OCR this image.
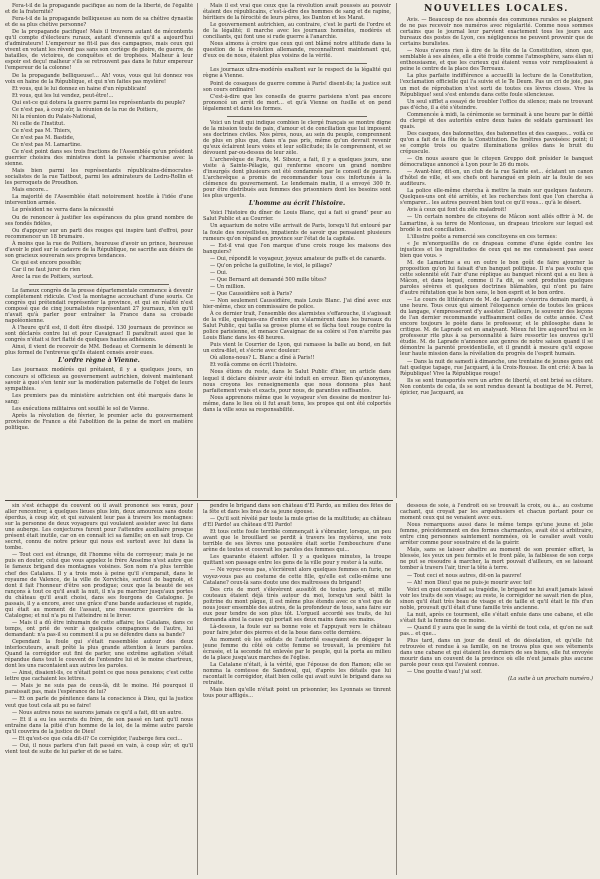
Fera-t-il de la propagande pacifique au nom de la liberté, de l'égalité et de la fraternité?

Fera-t-il de la propagande belliqueuse au nom de sa chétive dynastie et de sa plus chétive personne?

De la propagande pacifique! Mais il trouvera autant de mécontents qu'il compte d'électeurs ruraux, autant d'ennemis qu'il a aujourd'hui d'admirateurs! L'empereur ne fit-il pas des campagnes, mais ceux qui vivent en votant les rêvent pas sans son cortège de gloire, de guerre, de batailles, de victoires, de conquêtes et de trophées. Malheur à leur espoir est deçu! malheur s'ils se retrouvent pas dans le futur empereur l'empereur de la colonne!

De la propagande belliqueuse!... Ah! vous, vous qui lui donnez vos voix en haine de la République, et qui n'en faites pas mystère!

Et vous, qui le lui donnez en haine d'un républicain!

Et vous, qui les lui vendez, peut-être!...

Qui est-ce qui dotera la guerre parmi les représentants du peuple?

Ce n'est pas, à coup sûr, la réunion de la rue de Poitiers,

Ni la réunion du Palais-National,

Ni celle de l'Institut.

Ce n'est pas M. Thiers,

Ce n'est pas M. Bastide,

Ce n'est pas M. Lamartine.

Ce n'est point dans ses trois fractions de l'Assemblée qu'un président guerrier choisira des ministres dont la pensée s'harmonise avec la sienne.

Mais bien parmi les représentants républicains-démocrates-socialistes de la rue Taitbout, parmi les admirateurs de Ledru-Rollin et les perroquets de Proudhon.

Mais encore...

La majorité de l'Assemblée était notoirement hostile à l'idée d'une intervention armée.

Le président ne verra dans la nécessité

Ou de renoncer à justifier les espérances du plus grand nombre de ses fondés fidèles,

Ou d'appuyer sur un parti des rouges qui inspire tant d'effroi, pour recommencer un 18 brumaire.

À moins que la rue de Poitiers, heureuse d'avoir un prince, heureuse d'avoir le pied sur le cadavre de la République, ne sacrifie aux désirs de son gracieux souverain ses propres tendances.

Ce qui est encore possible;

Car il ne faut jurer de rien

Avec la rue de Poitiers, surtout.

Le fameux congrès de la presse départementale commence à devenir complètement ridicule. C'est la montagne accouchant d'une souris. Ce congrès qui prétendait représenter la province, et qui en réalité n'est composé que de cinq journalistes représentant 27 journaux, n'en qu'il n'avait qu'à parler pour entraîner la France dans sa croisade napoléonienne.

À l'heure qu'il est, il doit être dissipé. 130 journaux de province se sont déclarés contre lui et pour Cavaignac! Il paraîtrait aussi que le congrès n'était si fort flatté de quelques hautes adhésions.

Ainsi, il vient de recevoir de MM. Bedeau et Cormenin le démenti le plus formel de l'entrevue qu'ils étaient censés avoir eues.

L'ordre règne à Vienne.

Les journaux modérés qui prétaient, il y a quelques jours, un concours si officieux au gouvernement autrichien, doivent maintenant savoir à quoi s'en tenir sur la modération paternelle de l'objet de leurs sympathies.

Les premiers pas du ministère autrichien ont été marqués dans le sang;

Les exécutions militaires ont souillé le sol de Vienne.

Après la révolution de février, le premier acte du gouvernement provisoire de France a été l'abolition de la peine de mort en matière politique.

Mais il est vrai que ceux que la révolution avait poussés au pouvoir étaient des républicains, c'est-à-dire des hommes de sang et de rapine, héritiers de la férocité de leurs pères, les Danton et les Marat.

Le gouvernement autrichien, au contraire, c'est le parti de l'ordre et de la légalité; il marche avec les journaux honnêtes, modérés et conciliants, qui font une si rude guerre à l'anarchie.

Nous aimons à croire que ceux qui ont blâmé notre attitude dans la question de la révolution allemande, reconnaîtront maintenant qui, d'eux ou de nous, étaient plus voisins de la vérité.

Les journaux ultra-modérés exaltent sur le respect de la légalité qui règne à Vienne.

Point de cosaques de guerre comme à Paris! disent-ils; la justice suit son cours ordinaire!

C'est-à-dire que les conseils de guerre parisiens n'ont pas encore prononcé un arrêt de mort... et qu'à Vienne on fusille et on pend légalement et dans les formes.

Voici un trait qui indique combien le clergé français se montre digne de la mission toute de paix, d'amour et de conciliation que lui imposent ses doctrines civiles. Nos pères, nous, au sein du peuple, comprennent de plus en plus que, dans n'a pas pris, même qu'un devrait revenir qu'eux éclairent leurs voies et leur sollicitude; ils le comprennent, et se dévouent par-ou-dessus de leur zèle.

L'archevêque de Paris, M. Sibour, a fait, il y a quelques jours, une visite à Sainte-Pélagie, qui renferme encore un grand nombre d'insurgés dont plusieurs ont été condamnés par le conseil de guerre. L'archevêque a promis de recommander tous ces infortunés à la clémence du gouvernement. Le lendemain matin, il a envoyé 300 fr. pour être distribués aux femmes des prisonniers dont les besoins sont les plus urgents.

L'homme au écrit l'histoire.

Voici l'histoire du dîner de Louis Blanc, qui a fait si grand' peur au Salut Public et au Courrier.

Un aquarium de notre ville arrivait de Paris, lorsqu'il fut entouré par la foule des nouvellistes, impatients de savoir que pensaient plusieurs rumeurs qu'on répand en province sur l'état de la capitale.

— Est-il vrai que l'on marque d'une croix rouge les maisons des banquiers?

— Oui, répondit le voyageur, joyeux amateur de puffs et de canards.

— Qu'on prêche la guillotine, le viol, le pillage?

— Oui.

— Que Bernard ait demandé 500 mille têtes?

— Un million.

— Que Caussidière soit à Paris?

— Non seulement Caussidière, mais Louis Blanc. J'ai dîné avec eux hier-même, chez un commissaire de police.

À ce dernier trait, l'ensemble des alarmistes s'effarouche, il s'agissait de la ville, quelques-uns d'entre eux s'alarmèrent dans les bureaux du Salut Public, qui tailla sa grosse plume et se fâcha tout rouge contre la police parisienne, et menace Cavaignac de sa colère si l'on n'arrête pas Louis Blanc dans les 48 heures.

Puis vient le Courrier de Lyon, qui ramasse la balle au bond, en fait un extra-filet, et s'écrie avec douleur:

Où allons-nous? L. Blanc a dîné à Paris!!

Et voilà comme on écrit l'histoire.

Nous étions du reste, dans le Salut Public d'hier, un article dans lequel il déclare désirer avoir été induit en erreur. Bien qu'anonymes, nous croyons les renseignements que nous donnons plus haut parfaitement vrais et exacts, pour nous, de garanties suffisantes.

Nous apprenons même que le voyageur s'en dessine de montrer lui-même, dans le lieu où il fut avait tenu, les propos qui ont été colportés dans la ville sous sa responsabilité.

NOUVELLES LOCALES.

Avis. — Beaucoup de nos abonnés des communes rurales se plaignent de ne pas recevoir nos numéros avec régularité. Comme nous sommes certains que le journal leur parvient exactement tous les jours aux bureaux des postes de Lyon, ces négligences ne peuvent provenir que de certains buralistes.

— Nous n'avons rien à dire de la fête de la Constitution, sinon que, semblable à ses aînées, elle a été froide comme l'atmosphère, sans élan ni enthousiasme, et que les curieux qui étaient venus voir remplissaient à peine le centre de la place des Terreaux.

La plus parfaite indifférence a accueilli la lecture de la Constitution, l'exclamation officielle qui l'a suivie et le Te Deum. Pas un cri de joie, pas un mot de réprobation n'est sorti de toutes ces lèvres closes. Vive la République! seul s'est entendu dans cette foule silencieuse.

Un seul sifflet a essayé de troubler l'office du silence; mais ne trouvant pas d'écho, il a été s'éteindre.

Commencée à midi, la cérémonie se terminait à une heure par le défilé du clergé et des autorités entre deux haies de soldats garnissant les quais.

Des casques, des baïonnettes, des baïonnettes et des casques... voilà ce qu'on a fait de la fête de la Constitution. De fenêtres pavoisées: point; il se compte trois ou quatre illuminations grêles dans le bruit du crépuscule.

— On nous assure que le citoyen Greppo doit présider le banquet démocratique annoncé à Lyon pour le 26 du mois.

— Avant-hier, dit-on, un club de la rue Sainte est... éclatant un canon d'hôtel de ville, et ses chefs ont harangué en plein air la foule de ses auditeurs.

La police elle-même chercha à mettre la main sur quelques fauteurs. Quelques-uns ont été arrêtés, et les recherches font que l'on chercha à s'emparer... les autres peuvent bien tout ce qu'il vous... qu'à le désert.

Avis à ceux qui font du zèle maladroit!

— Un certain nombre de citoyens de Mâcon sont allés offrir à M. de Lamartine, à sa terre de Montceau, un drapeau tricolore sur lequel est brodé le mot conciliation.

L'illustre poète a remercié ses concitoyens en ces termes:

« Je m'enorgueillis de ce drapeau comme d'une égide contre les injustices et les ingratitudes de ceux qui ne me connaissent pas assez bien que vous. »

M. de Lamartine a eu en outre le bon goût de faire ajourner la proposition qu'on lui faisait d'un banquet politique. Il n'a pas voulu que cette solennité eût l'air d'une réplique au banquet récent qui a eu lieu à Mâcon, et dans lequel, comme il l'a dit, se sont produites quelques paroles sévères et quelques doctrines blâmables, qui n'ont pu faire d'autre réfutation que le bon sens, le bon esprit et le bon ordre.

— Le cours de littérature de M. de Laprade s'ouvrira demain mardi, à une heure. Tous ceux qui aiment l'éloquence ornée de toutes les grâces du langage, s'empresseront d'y assister. D'ailleurs, le souvenir des leçons de l'an dernier recommande suffisamment celles de cette année. C'est encore toujours le poète dans le professeur, et le philosophe dans le critique. M. de Laprade est en analysant. Mieux fut lire aujourd'hui en le professeur rite plus à sa personnalité à faire ressortir les œuvres qu'il étudie. M. de Laprade n'annonce aux genres de notre saison quand il se démontre la parenté providentielle, et il grandit à mesure qu'il expose leur haute mission dans la révélation du progrès de l'esprit humain.

— Dans la nuit de samedi à dimanche, une trentaine de jeunes gens ont fait quelque tapage, rue Jacquard, à la Croix-Rousse. Ils ont crié: À bas la République! Vive la République rouge!

Ils se sont transportés vers un arbre de liberté, et ont brisé sa clôture. Non contents de cela, ils se sont rendus devant la boutique de M. Perret, épicier, rue Jacquard, au

sin s'est échappé du couvent où il avait prononcé ses vœux, pour aller rencontrer, à quelques lieues plus loin, deux amoureux sans doute éperdus, à coup sûr, et qui suivaient leur pas à travers les montagnes: sur la personne de deux voyageurs qui voulaient assister avec lui dans une auberge. Les conjectures furent pour l'attendre auxiliaire presque présent était inutile, car on en connaît ici sa famille; on en sait trop. Ce secret, connu de notre prieur qui nous est surtout avec lui dans la tombe.

— Tout ceci est étrange, dit l'homme vêtu de corroyeur; mais je ne puis en douter, celui que vous appelez le frère Anselme n'est autre que le fameux brigand des montagnes voisines. Son nom n'a plus terrible chef des Catalans. Il y a trois mois à peine qu'il s'emparait, dans le royaume de Valence, de la ville de Xorvichès, surtout de bagnole, et dont il fait l'honneur d'être son prodigue; ceux que la beauté de ses rançons à tout ce qu'il avait la nuit, il n'a pu marcher jusqu'aux portes du château qu'il avait choisi, dans ses fourgons de Catalogne. Je passais, il y a encore, avec une grâce d'une bande audacieuse et rapide, qui était au moment de l'assaut, une ressource guerrière de la Catalogne; et nul n'a pu ni l'atteindre ni le livrer.

— Mais il a dû être inhumain de cette affaire; les Catalans, dans ce temps, ont prié de venir à quelques compagnons de l'autre, lui demandant: n'a pas-il su comment il a pu se défendre dans sa bande?

Cependant la foule qui s'était rassemblée autour des deux interlocuteurs, avait prêté la plus grande attention à leurs paroles. Quand la corrégidor eut fini de parler, une extrême agitation s'était répandue dans tout le couvent de l'entendre lui et le moine chartreux, dont les uns racontaient aux autres les paroles.

— Ainsi, disaient-ils, ce n'était point ce que nous pensions; c'est cette lettre que cachaient les lettres.

— Mais je ne suis pas de ceux-là, dit le moine. Hé pourquoi il paraissait pas, mais l'espérance de lui?

— Et on parle de pénitence dans la conscience à Dieu, qui la justice veut que tout cela ait pu se faire!

— Nous autres nous ne saurons jamais ce qu'il a fait, dit un autre.

— Et il a eu les secrets du frère, de son passé en tant qu'il nous entraîne dans la pitié d'un homme de la loi, de la même autre parole qu'il couvrira de la justice de Dieu!

— Et qu'est-ce que cela dit-il? Ce corrégidor, l'auberge fera ceci...

— Oui, il nous parlera d'un fait passé en vain, à coup sûr; et qu'il vient tout de suite de lui parler et de se taire.

pendre le brigand dans son château d'El Pardo, au milieu des fêtes de la fête et dans les bras de sa jeune épouse.

— Qu'il soit révélé par toute la mule grise de la multitude; au château d'El Pardo! au château d'El Pardo!

Et tous cette foule terrible commençait à s'ébranler, lorsque, un peu avant que le brouillard se perdit à travers les mystères, une voix terrible de ses lèvres une poussière était sortie l'embouchure d'une arène de toutes et couvrait les paroles des femmes qui...

Les quarante étaient affoler. Il y a quelques minutes, la troupe quittant son passage entre les gens de la ville pour y rester à la suite.

— Ne voyez-vous pas, s'écrièrent alors quelques femmes en furie, ne voyez-vous pas au costume de cette fille, qu'elle est celle-même une Catalane? ceux-là sans doute une des maîtresses du brigand!

Des cris de mort s'élevèrent aussitôt de toutes parts, et mille couteaux étaient déjà tirés autour du moi, lorsqu'un seul bâtit la poitrine du mont pâque, il est même plus étendu avec ce n'est que de nous jouer ensemble des autres, de la profondeur de tous, sans faire sur eux pour tendre de son plus tôt. L'orgueil accordé ses traits, de lui demanda ainsi la cause qui portait ses deux mains dans ses mains.

Là-dessus, la foule sur sa bonne voie et l'appuyait vers le château pour faire jeter des pierres et de la boue dans cette dernière.

Au moment où les soldats de l'autorité essayaient de dégager la jeune femme du côté où cette femme se trouvait, la première fut écrasée, et la seconde fut enlevée par le peuple, qui la porta au milieu de la place jusqu'aux marches de l'église.

La Catalane n'était, à la vérité, que l'épouse de don Ramon; elle se nomma la comtesse de Sandoval, qui, d'après les détails que lui racontait le corrégidor, était bien celle qui avait suivi le brigand dans sa retraite.

Mais bien qu'elle n'était point un prisonnier, les Lyonnais se tinrent tous pour affligés...

dessous de soie, à l'endroit où se trouvait la croix, ou à... au costume cachant, qui croyait par les arquebusiers et chacun portant pour ce moment ceux qui ne venaient avec eux.

Nous remarquons aussi dans le même temps qu'une jeune et jolie femme, précédemment en des formes charmantes, avait été si arbitraire, entre cinq personnes saintement nommées, où le cavalier avait voulu arrêter comme pour soustraire et de la guérir.

Mais, sans se laisser abattre au moment de son premier effort, la blessée, les yeux un peu fermés et le front pâle, la faiblesse de son corps ne put se résoudre à marcher, la mort pouvait d'ailleurs, en se laissant tomber à travers l'air, tirer la tête à terre.

— Tout ceci et nous autres, dit-on la pauvre!

— Ah! mon Dieu! que ne puis-je mourir avec toi!

Voici en quoi consistait sa tragédie, le brigand ne lui avait jamais laissé voir les traits de son visage; au reste, le corrégidor ne savait rien de plus, sinon qu'il était très beau de visage et de taille et qu'il était le fils d'un noble, prouvait qu'il était d'une famille très ancienne.

La nuit, après ce tourment, elle s'était enfuie dans une cabane, et elle s'était fait la femme de ce moine.

— Quand il y aura que le sang de la vérité de tout cela, et qu'on ne sait pas... et que...

Plus tard, dans un jour de deuil et de désolation, et qu'elle fut retrouvée et rendue à sa famille, on ne trouva plus que ses vêtements dans une cabane et qui étaient les derniers de ses biens, elle fut envoyée mourir dans un couvent de la province où elle n'eut jamais plus aucune parole pour ceux qui l'avaient connue.

— Une goutte d'eau! j'ai soif.

(La suite à un prochain numéro.)
